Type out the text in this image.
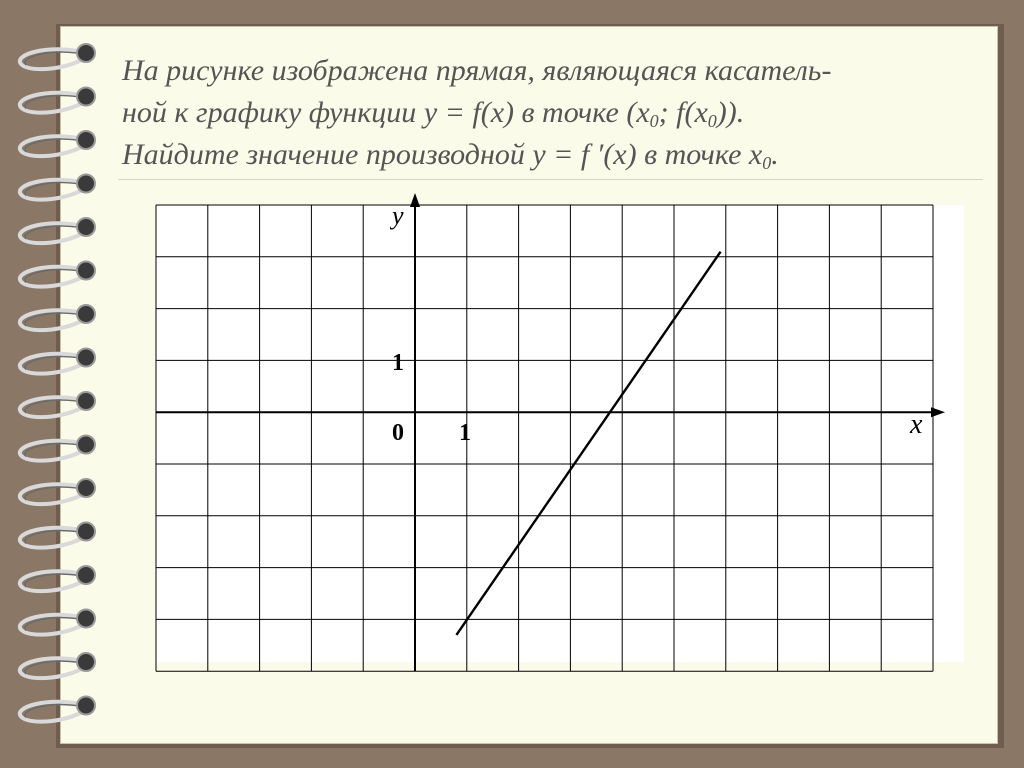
На рисунке изображена прямая, являющаяся касатель-
ной к графику функции y = f(x) в точке ($x_0$; $f(x_0)$).
Найдите значение производной y = f ′(x) в точке $x_0$.
y
x
0 1
1
